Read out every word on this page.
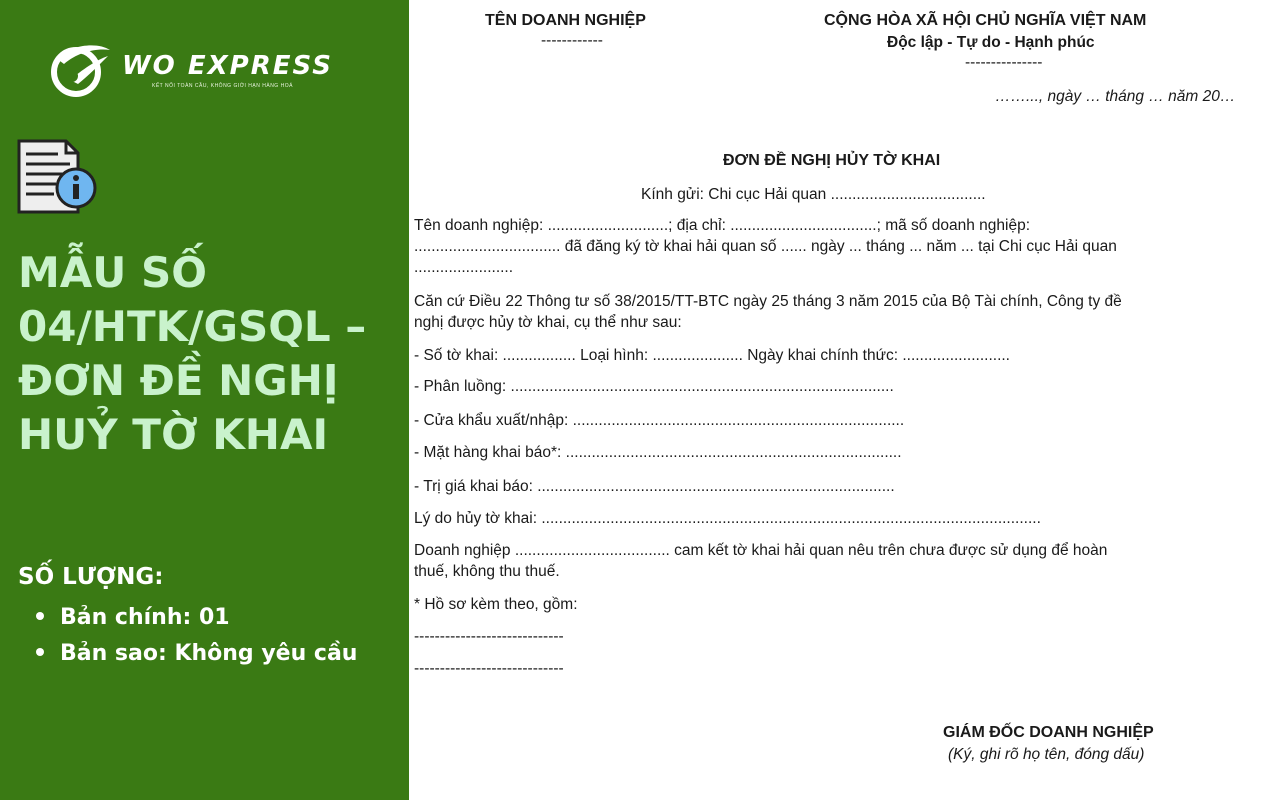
WO EXPRESS
KẾT NỐI TOÀN CẦU, KHÔNG GIỚI HẠN HÀNG HOÁ
MẪU SỐ 04/HTK/GSQL – ĐƠN ĐỀ NGHỊ HUỶ TỜ KHAI
SỐ LƯỢNG:
Bản chính: 01
Bản sao: Không yêu cầu
TÊN DOANH NGHIỆP
------------
CỘNG HÒA XÃ HỘI CHỦ NGHĨA VIỆT NAM
Độc lập - Tự do - Hạnh phúc
---------------
……..., ngày … tháng … năm 20…
ĐƠN ĐỀ NGHỊ HỦY TỜ KHAI
Kính gửi: Chi cục Hải quan ....................................
Tên doanh nghiệp: ............................; địa chỉ: ..................................; mã số doanh nghiệp:
.................................. đã đăng ký tờ khai hải quan số ...... ngày ... tháng ... năm ... tại Chi cục Hải quan
.......................
Căn cứ Điều 22 Thông tư số 38/2015/TT-BTC ngày 25 tháng 3 năm 2015 của Bộ Tài chính, Công ty đề
nghị được hủy tờ khai, cụ thể như sau:
- Số tờ khai: ................. Loại hình: ..................... Ngày khai chính thức: .........................
- Phân luồng: .........................................................................................
- Cửa khẩu xuất/nhập: .............................................................................
- Mặt hàng khai báo*: ..............................................................................
- Trị giá khai báo: ...................................................................................
Lý do hủy tờ khai: ....................................................................................................................
Doanh nghiệp .................................... cam kết tờ khai hải quan nêu trên chưa được sử dụng để hoàn
thuế, không thu thuế.
* Hồ sơ kèm theo, gồm:
-----------------------------
-----------------------------
GIÁM ĐỐC DOANH NGHIỆP
(Ký, ghi rõ họ tên, đóng dấu)
